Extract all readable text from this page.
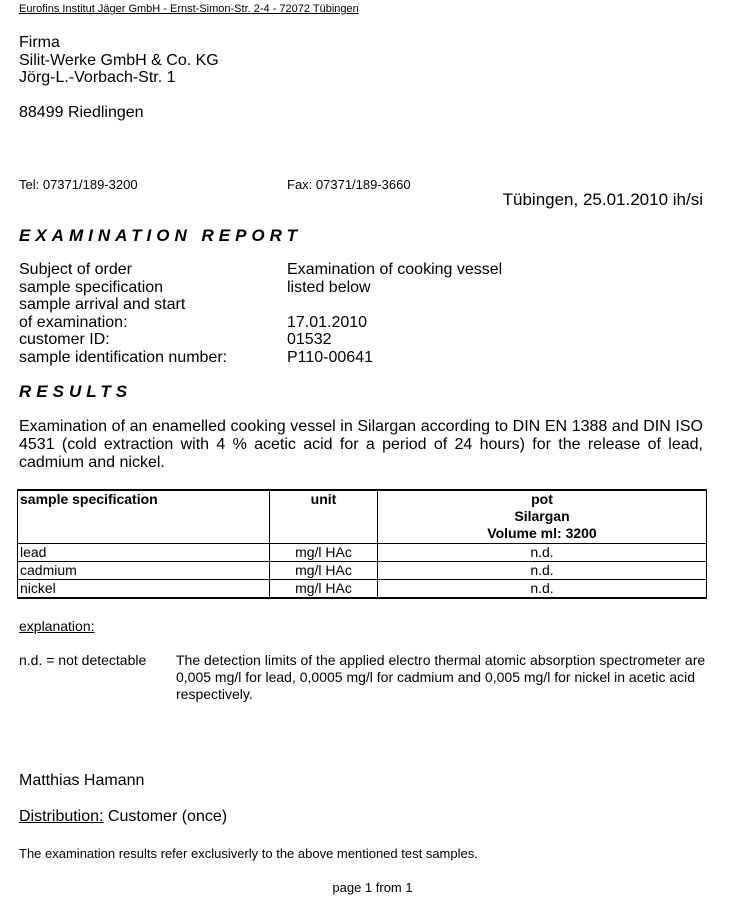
Eurofins Institut Jäger GmbH - Ernst-Simon-Str. 2-4 - 72072 Tübingen
Firma
Silit-Werke GmbH & Co. KG
Jörg-L.-Vorbach-Str. 1
88499 Riedlingen
Tel: 07371/189-3200	Fax: 07371/189-3660
Tübingen, 25.01.2010 ih/si
EXAMINATION REPORT
Subject of order	Examination of cooking vessel
sample specification	listed below
sample arrival and start
of examination:	17.01.2010
customer ID:	01532
sample identification number:	P110-00641
RESULTS
Examination of an enamelled cooking vessel in Silargan according to DIN EN 1388 and DIN ISO 4531 (cold extraction with 4 % acetic acid for a period of 24 hours) for the release of lead, cadmium and nickel.
sample specification	unit	pot
Silargan
Volume ml: 3200

lead	mg/l HAc	n.d.
cadmium	mg/l HAc	n.d.
nickel	mg/l HAc	n.d.
explanation:
n.d. = not detectable The detection limits of the applied electro thermal atomic absorption spectrometer are 0,005 mg/l for lead, 0,0005 mg/l for cadmium and 0,005 mg/l for nickel in acetic acid respectively.
Matthias Hamann
Distribution: Customer (once)
The examination results refer exclusiverly to the above mentioned test samples.
page 1 from 1
